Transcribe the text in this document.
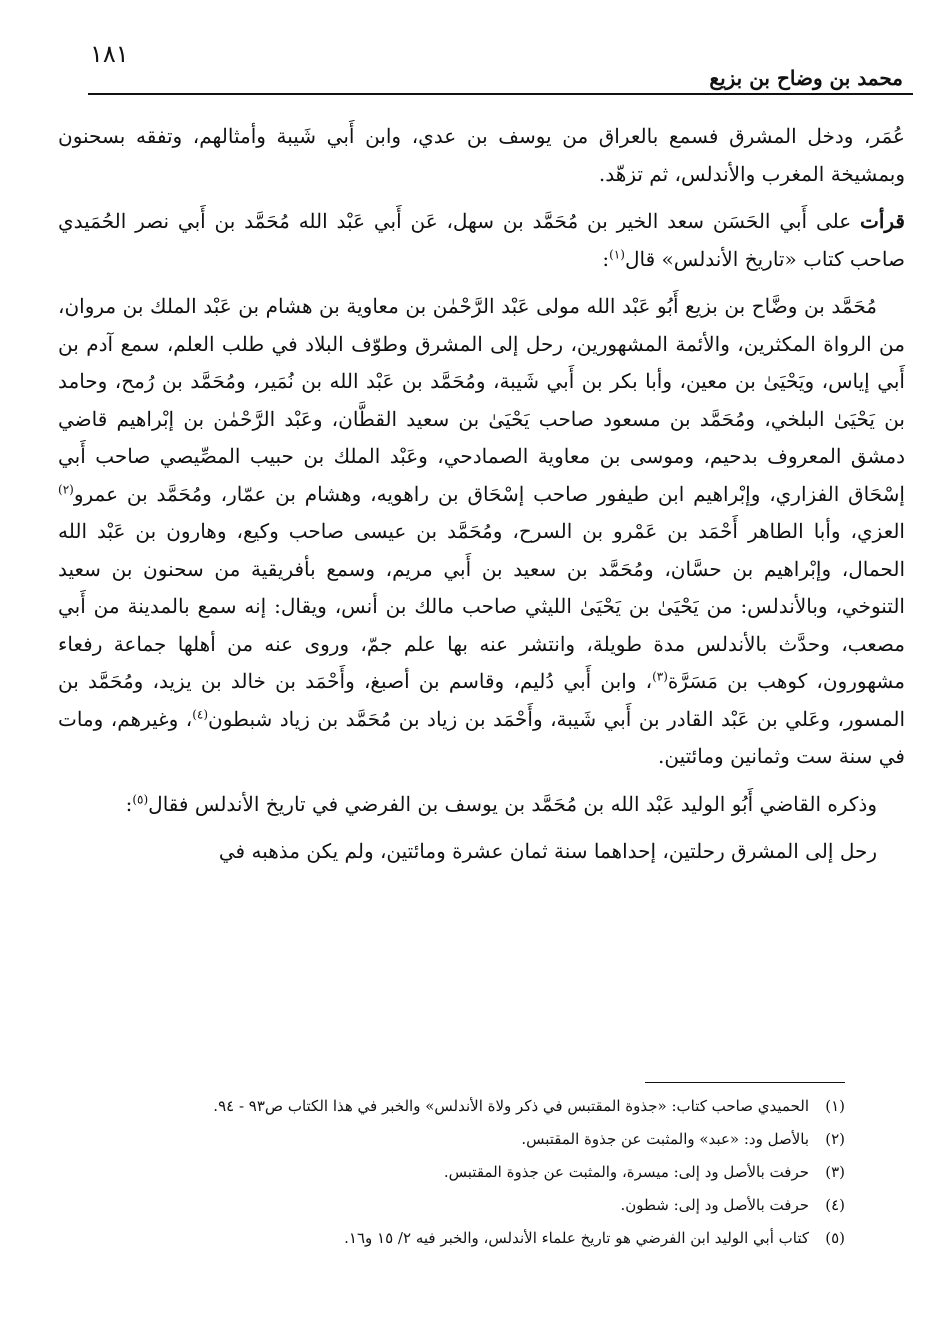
١٨١
محمد بن وضاح بن بزيع

عُمَر، ودخل المشرق فسمع بالعراق من يوسف بن عدي، وابن أَبي شَيبة وأمثالهم، وتفقه بسحنون وبمشيخة المغرب والأندلس، ثم تزهّد.

قرأت على أَبي الحَسَن سعد الخير بن مُحَمَّد بن سهل، عَن أَبي عَبْد الله مُحَمَّد بن أَبي نصر الحُمَيدي صاحب كتاب «تاريخ الأندلس» قال$^{(١)}$:

مُحَمَّد بن وضَّاح بن بزيع أَبُو عَبْد الله مولى عَبْد الرَّحْمٰن بن معاوية بن هشام بن عَبْد الملك بن مروان، من الرواة المكثرين، والأئمة المشهورين، رحل إلى المشرق وطوّف البلاد في طلب العلم، سمع آدم بن أَبي إياس، ويَحْيَىٰ بن معين، وأبا بكر بن أَبي شَيبة، ومُحَمَّد بن عَبْد الله بن نُمَير، ومُحَمَّد بن رُمح، وحامد بن يَحْيَىٰ البلخي، ومُحَمَّد بن مسعود صاحب يَحْيَىٰ بن سعيد القطَّان، وعَبْد الرَّحْمٰن بن إبْراهيم قاضي دمشق المعروف بدحيم، وموسى بن معاوية الصمادحي، وعَبْد الملك بن حبيب المصِّيصي صاحب أَبي إسْحَاق الفزاري، وإبْراهيم ابن طيفور صاحب إسْحَاق بن راهويه، وهشام بن عمّار، ومُحَمَّد بن عمرو$^{(٢)}$ العزي، وأبا الطاهر أَحْمَد بن عَمْرو بن السرح، ومُحَمَّد بن عيسى صاحب وكيع، وهارون بن عَبْد الله الحمال، وإبْراهيم بن حسَّان، ومُحَمَّد بن سعيد بن أَبي مريم، وسمع بأفريقية من سحنون بن سعيد التنوخي، وبالأندلس: من يَحْيَىٰ بن يَحْيَىٰ الليثي صاحب مالك بن أنس، ويقال: إنه سمع بالمدينة من أَبي مصعب، وحدَّث بالأندلس مدة طويلة، وانتشر عنه بها علم جمّ، وروى عنه من أهلها جماعة رفعاء مشهورون، كوهب بن مَسَرَّة$^{(٣)}$، وابن أَبي دُليم، وقاسم بن أصبغ، وأَحْمَد بن خالد بن يزيد، ومُحَمَّد بن المسور، وعَلي بن عَبْد القادر بن أَبي شَيبة، وأَحْمَد بن زياد بن مُحَمَّد بن زياد شبطون$^{(٤)}$، وغيرهم، ومات في سنة ست وثمانين ومائتين.

وذكره القاضي أَبُو الوليد عَبْد الله بن مُحَمَّد بن يوسف بن الفرضي في تاريخ الأندلس فقال$^{(٥)}$:

رحل إلى المشرق رحلتين، إحداهما سنة ثمان عشرة ومائتين، ولم يكن مذهبه في

(١)
الحميدي صاحب كتاب: «جذوة المقتبس في ذكر ولاة الأندلس» والخبر في هذا الكتاب ص٩٣ - ٩٤.
(٢)
بالأصل ود: «عبد» والمثبت عن جذوة المقتبس.
(٣)
حرفت بالأصل ود إلى: ميسرة، والمثبت عن جذوة المقتبس.
(٤)
حرفت بالأصل ود إلى: شطون.
(٥)
كتاب أبي الوليد ابن الفرضي هو تاريخ علماء الأندلس، والخبر فيه ٢/ ١٥ و١٦.
